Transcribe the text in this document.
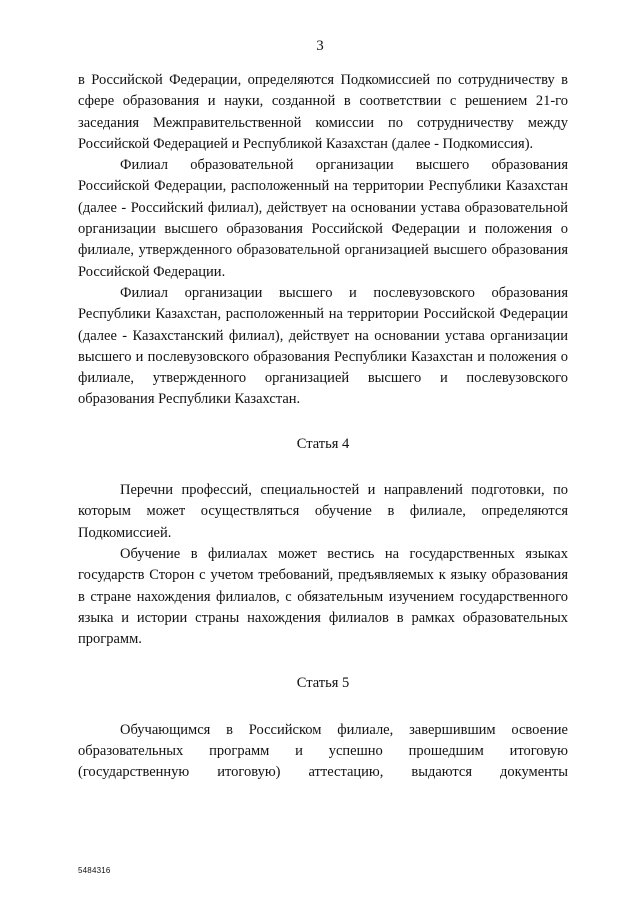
3

в Российской Федерации, определяются Подкомиссией по сотрудничеству в сфере образования и науки, созданной в соответствии с решением 21-го заседания Межправительственной комиссии по сотрудничеству между Российской Федерацией и Республикой Казахстан (далее - Подкомиссия).

Филиал образовательной организации высшего образования Российской Федерации, расположенный на территории Республики Казахстан (далее - Российский филиал), действует на основании устава образовательной организации высшего образования Российской Федерации и положения о филиале, утвержденного образовательной организацией высшего образования Российской Федерации.

Филиал организации высшего и послевузовского образования Республики Казахстан, расположенный на территории Российской Федерации (далее - Казахстанский филиал), действует на основании устава организации высшего и послевузовского образования Республики Казахстан и положения о филиале, утвержденного организацией высшего и послевузовского образования Республики Казахстан.

Статья 4

Перечни профессий, специальностей и направлений подготовки, по которым может осуществляться обучение в филиале, определяются Подкомиссией.

Обучение в филиалах может вестись на государственных языках государств Сторон с учетом требований, предъявляемых к языку образования в стране нахождения филиалов, с обязательным изучением государственного языка и истории страны нахождения филиалов в рамках образовательных программ.

Статья 5

Обучающимся в Российском филиале, завершившим освоение образовательных программ и успешно прошедшим итоговую (государственную итоговую) аттестацию, выдаются документы

5484316
